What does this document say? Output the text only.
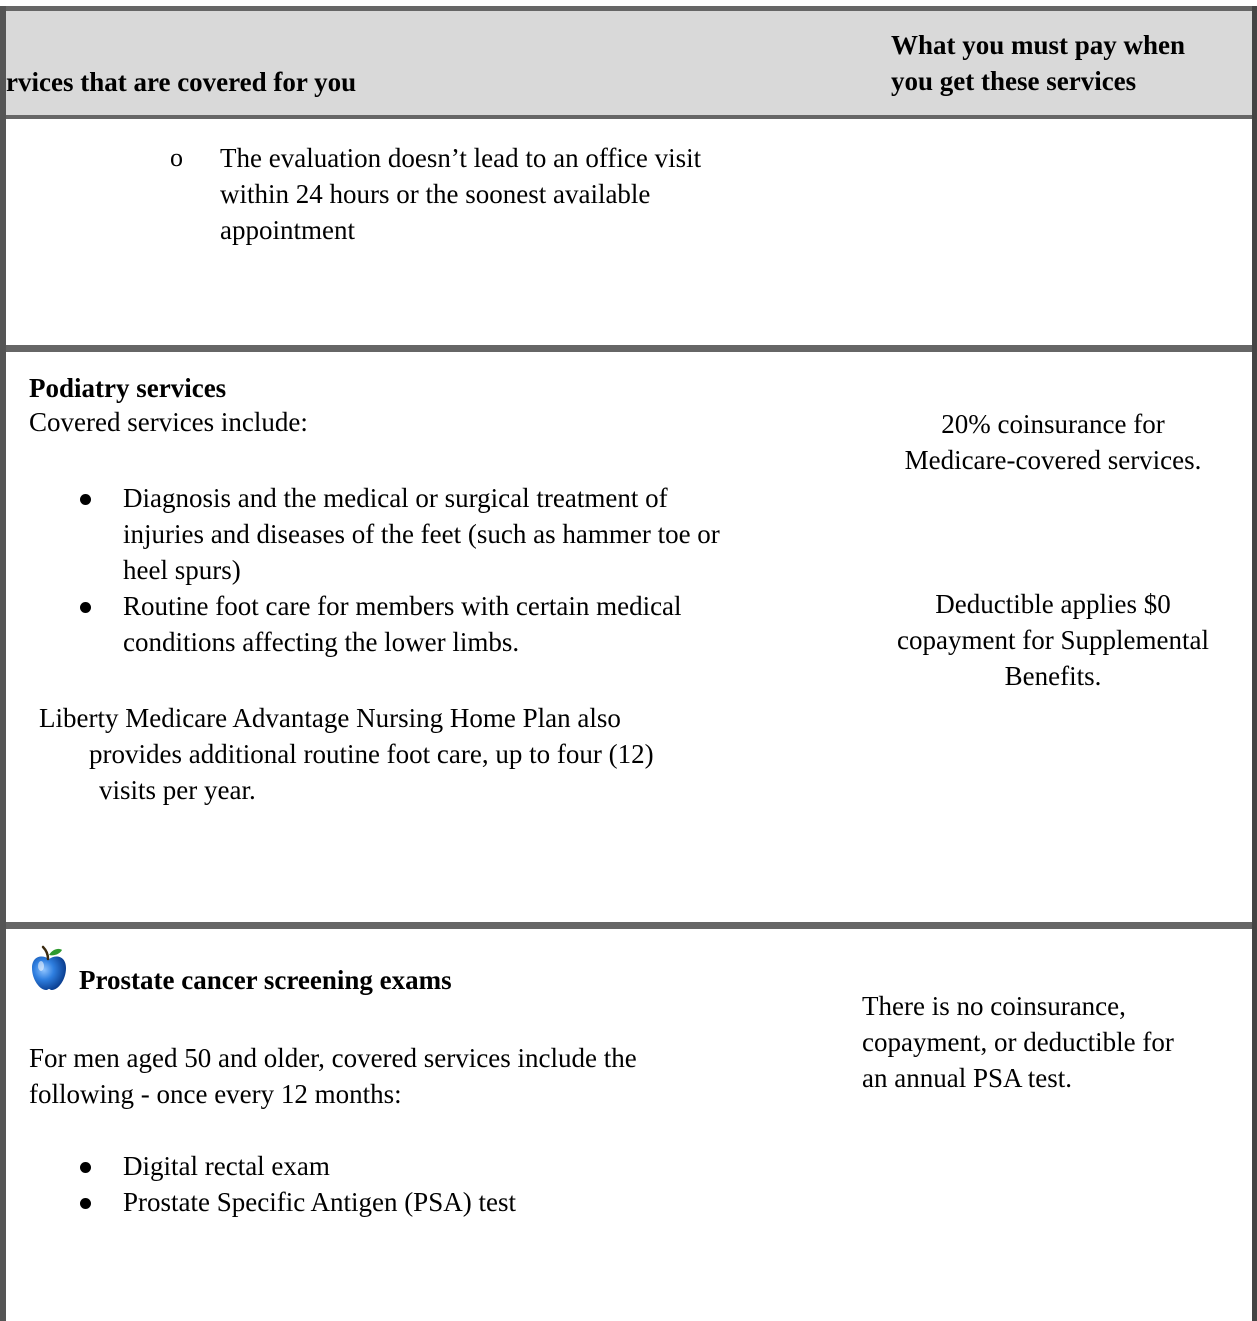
rvices that are covered for you
What you must pay when
you get these services
o The evaluation doesn’t lead to an office visit
within 24 hours or the soonest available
appointment
Podiatry services
Covered services include:
Diagnosis and the medical or surgical treatment of
injuries and diseases of the feet (such as hammer toe or
heel spurs)
Routine foot care for members with certain medical
conditions affecting the lower limbs.
Liberty Medicare Advantage Nursing Home Plan also
provides additional routine foot care, up to four (12)
visits per year.
20% coinsurance for
Medicare-covered services.
Deductible applies $0
copayment for Supplemental
Benefits.
Prostate cancer screening exams
For men aged 50 and older, covered services include the
following - once every 12 months:
Digital rectal exam
Prostate Specific Antigen (PSA) test
There is no coinsurance,
copayment, or deductible for
an annual PSA test.
